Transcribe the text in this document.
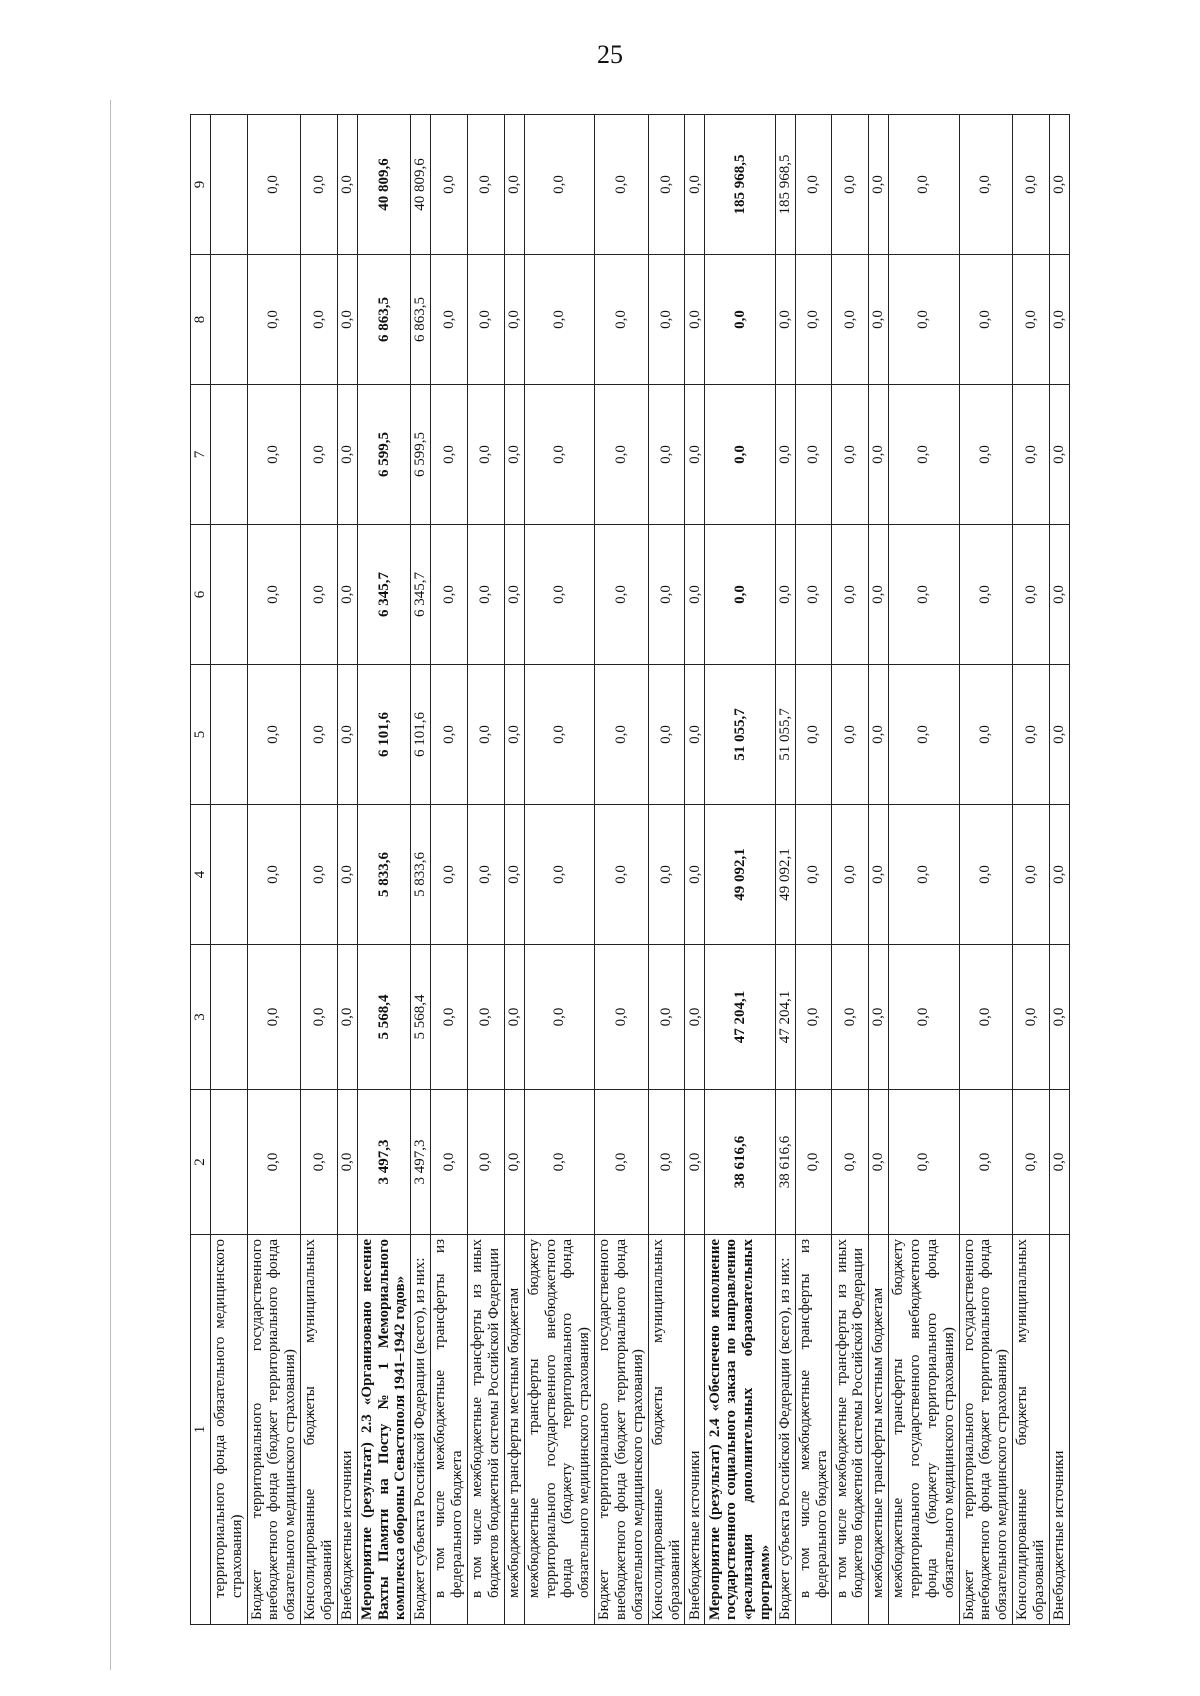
25
1	2	3	4	5	6	7	8	9
территориального фонда обязательного медицинского страхования)								
Бюджет территориального государственного внебюджетного фонда (бюджет территориального фонда обязательного медицинского страхования)	0,0	0,0	0,0	0,0	0,0	0,0	0,0	0,0
Консолидированные бюджеты муниципальных образований	0,0	0,0	0,0	0,0	0,0	0,0	0,0	0,0
Внебюджетные источники	0,0	0,0	0,0	0,0	0,0	0,0	0,0	0,0
Мероприятие (результат) 2.3 «Организовано несение Вахты Памяти на Посту № 1 Мемориального комплекса обороны Севастополя 1941–1942 годов»	3 497,3	5 568,4	5 833,6	6 101,6	6 345,7	6 599,5	6 863,5	40 809,6
Бюджет субъекта Российской Федерации (всего), из них:	3 497,3	5 568,4	5 833,6	6 101,6	6 345,7	6 599,5	6 863,5	40 809,6
в том числе межбюджетные трансферты из федерального бюджета	0,0	0,0	0,0	0,0	0,0	0,0	0,0	0,0
в том числе межбюджетные трансферты из иных бюджетов бюджетной системы Российской Федерации	0,0	0,0	0,0	0,0	0,0	0,0	0,0	0,0
межбюджетные трансферты местным бюджетам	0,0	0,0	0,0	0,0	0,0	0,0	0,0	0,0
межбюджетные трансферты бюджету территориального государственного внебюджетного фонда (бюджету территориального фонда обязательного медицинского страхования)	0,0	0,0	0,0	0,0	0,0	0,0	0,0	0,0
Бюджет территориального государственного внебюджетного фонда (бюджет территориального фонда обязательного медицинского страхования)	0,0	0,0	0,0	0,0	0,0	0,0	0,0	0,0
Консолидированные бюджеты муниципальных образований	0,0	0,0	0,0	0,0	0,0	0,0	0,0	0,0
Внебюджетные источники	0,0	0,0	0,0	0,0	0,0	0,0	0,0	0,0
Мероприятие (результат) 2.4 «Обеспечено исполнение государственного социального заказа по направлению «реализация дополнительных образовательных программ»	38 616,6	47 204,1	49 092,1	51 055,7	0,0	0,0	0,0	185 968,5
Бюджет субъекта Российской Федерации (всего), из них:	38 616,6	47 204,1	49 092,1	51 055,7	0,0	0,0	0,0	185 968,5
в том числе межбюджетные трансферты из федерального бюджета	0,0	0,0	0,0	0,0	0,0	0,0	0,0	0,0
в том числе межбюджетные трансферты из иных бюджетов бюджетной системы Российской Федерации	0,0	0,0	0,0	0,0	0,0	0,0	0,0	0,0
межбюджетные трансферты местным бюджетам	0,0	0,0	0,0	0,0	0,0	0,0	0,0	0,0
межбюджетные трансферты бюджету территориального государственного внебюджетного фонда (бюджету территориального фонда обязательного медицинского страхования)	0,0	0,0	0,0	0,0	0,0	0,0	0,0	0,0
Бюджет территориального государственного внебюджетного фонда (бюджет территориального фонда обязательного медицинского страхования)	0,0	0,0	0,0	0,0	0,0	0,0	0,0	0,0
Консолидированные бюджеты муниципальных образований	0,0	0,0	0,0	0,0	0,0	0,0	0,0	0,0
Внебюджетные источники	0,0	0,0	0,0	0,0	0,0	0,0	0,0	0,0
